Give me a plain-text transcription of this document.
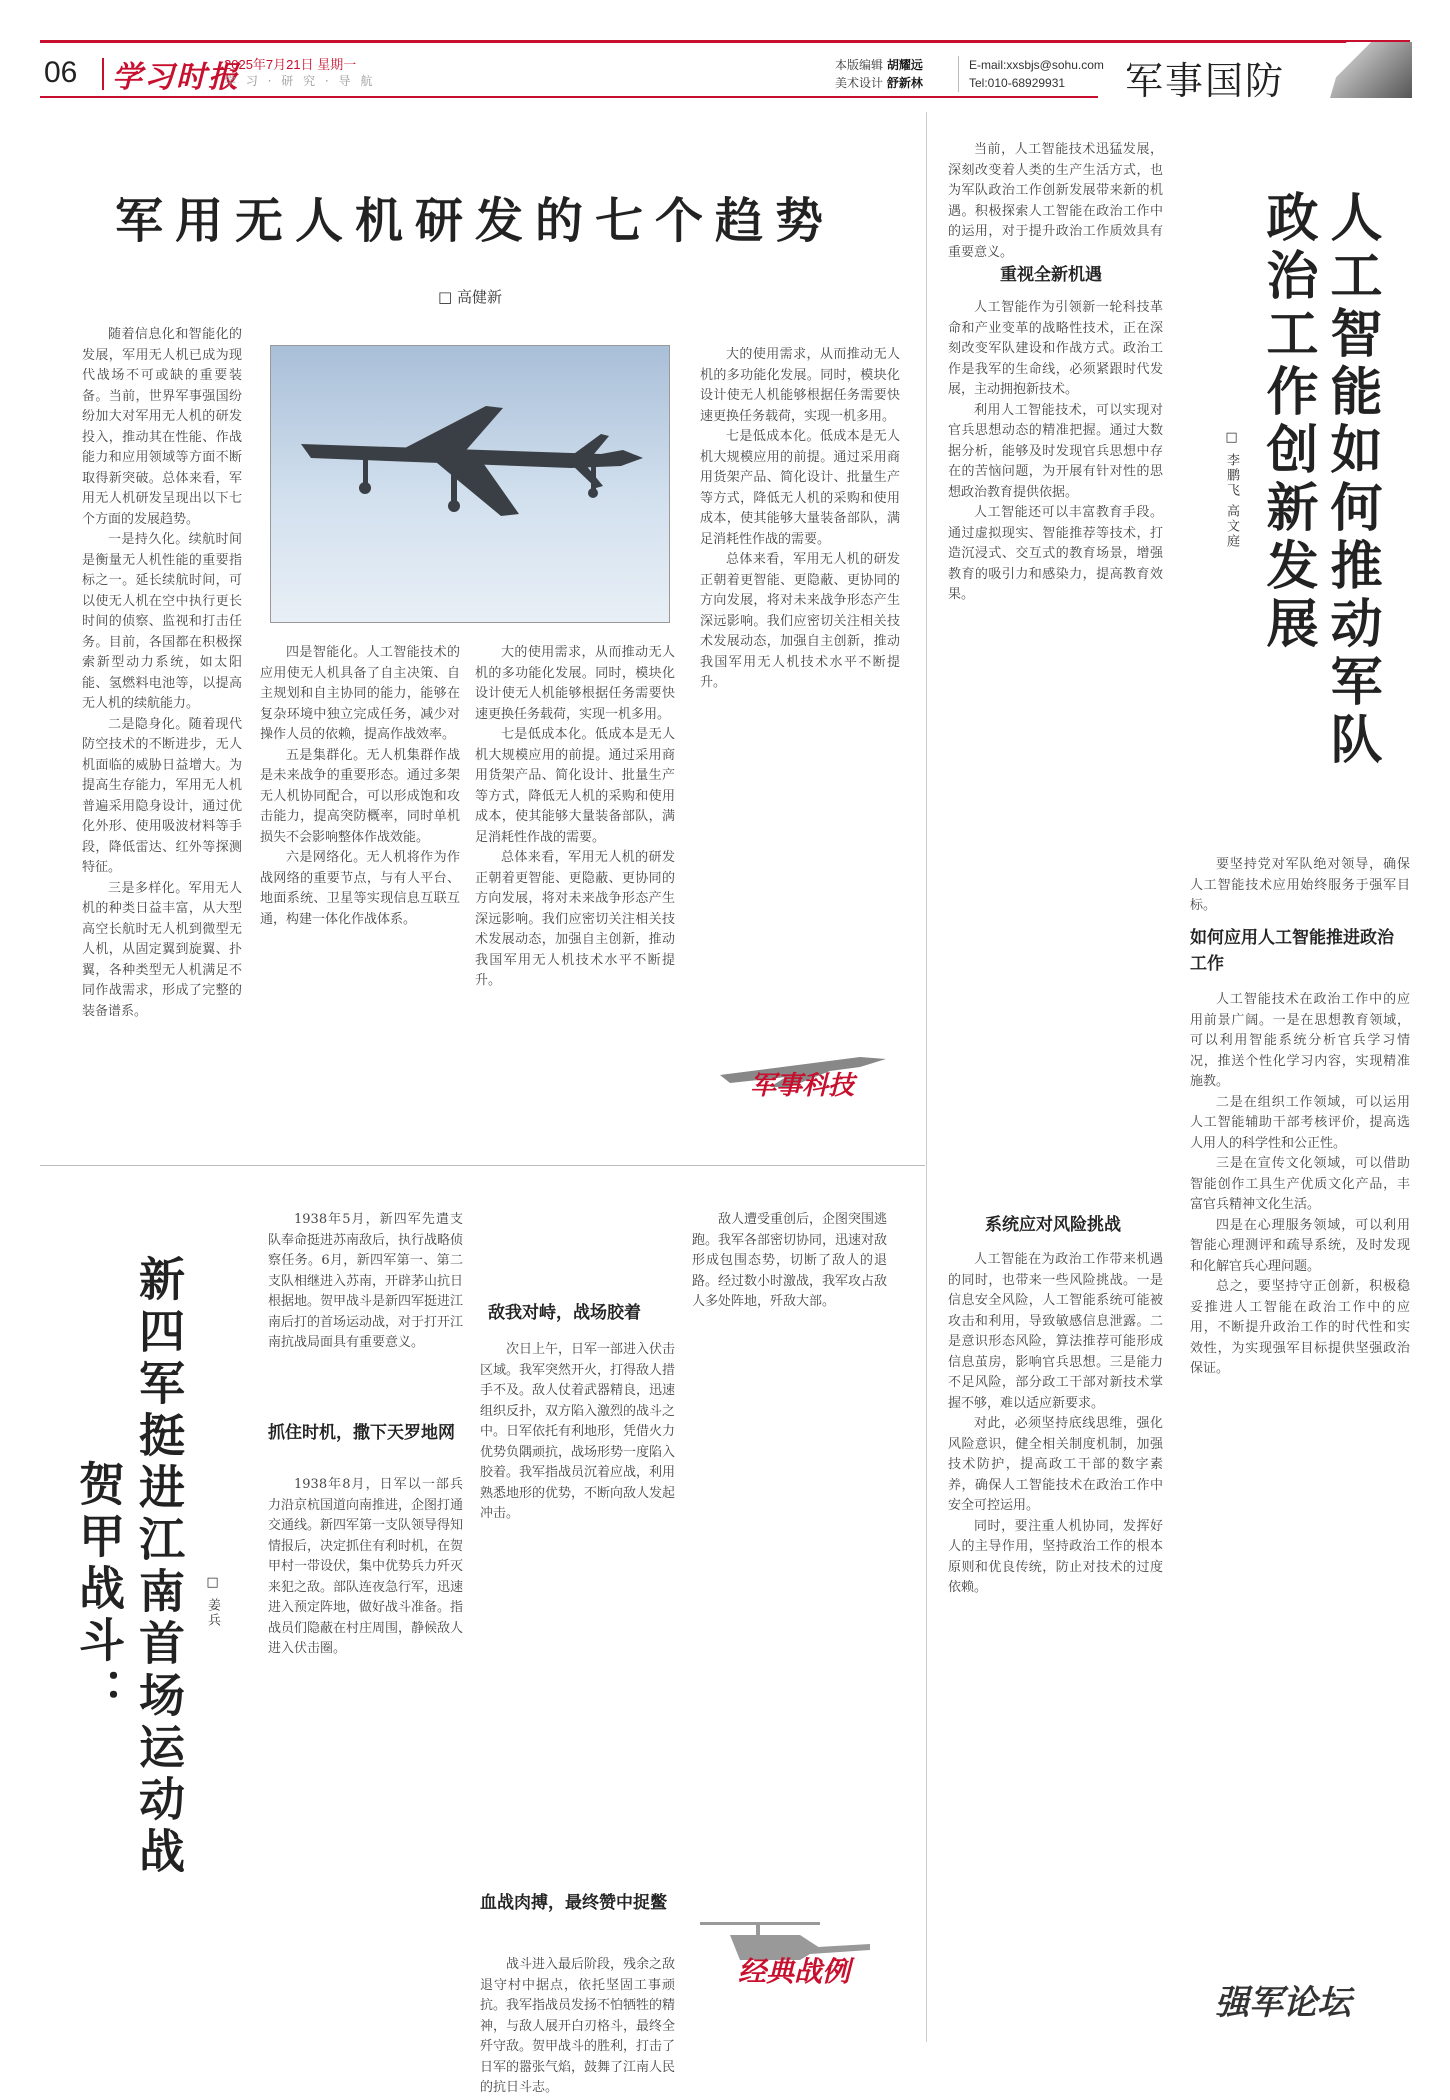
06 学习时报
2025年7月21日 星期一
学 习 · 研 究 · 导 航
本版编辑 胡耀远
美术设计 舒新林
E-mail:xxsbjs@sohu.com
Tel:010-68929931	军事国防
军用无人机研发的七个趋势
□ 高健新

随着信息化和智能化的发展，军用无人机已成为现代战场不可或缺的重要装备。当前，世界军事强国纷纷加大对军用无人机的研发投入，推动其在性能、作战能力和应用领域等方面不断取得新突破。总体来看，军用无人机研发呈现出以下七个方面的发展趋势。

一是持久化。续航时间是衡量无人机性能的重要指标之一。延长续航时间，可以使无人机在空中执行更长时间的侦察、监视和打击任务。目前，各国都在积极探索新型动力系统，如太阳能、氢燃料电池等，以提高无人机的续航能力。

二是隐身化。随着现代防空技术的不断进步，无人机面临的威胁日益增大。为提高生存能力，军用无人机普遍采用隐身设计，通过优化外形、使用吸波材料等手段，降低雷达、红外等探测特征。

三是多样化。军用无人机的种类日益丰富，从大型高空长航时无人机到微型无人机，从固定翼到旋翼、扑翼，各种类型无人机满足不同作战需求，形成了完整的装备谱系。

四是智能化。人工智能技术的应用使无人机具备了自主决策、自主规划和自主协同的能力，能够在复杂环境中独立完成任务，减少对操作人员的依赖，提高作战效率。

五是集群化。无人机集群作战是未来战争的重要形态。通过多架无人机协同配合，可以形成饱和攻击能力，提高突防概率，同时单机损失不会影响整体作战效能。

六是网络化。无人机将作为作战网络的重要节点，与有人平台、地面系统、卫星等实现信息互联互通，构建一体化作战体系。

大的使用需求，从而推动无人机的多功能化发展。同时，模块化设计使无人机能够根据任务需要快速更换任务载荷，实现一机多用。

七是低成本化。低成本是无人机大规模应用的前提。通过采用商用货架产品、简化设计、批量生产等方式，降低无人机的采购和使用成本，使其能够大量装备部队，满足消耗性作战的需要。

总体来看，军用无人机的研发正朝着更智能、更隐蔽、更协同的方向发展，将对未来战争形态产生深远影响。我们应密切关注相关技术发展动态，加强自主创新，推动我国军用无人机技术水平不断提升。

大的使用需求，从而推动无人机的多功能化发展。同时，模块化设计使无人机能够根据任务需要快速更换任务载荷，实现一机多用。

七是低成本化。低成本是无人机大规模应用的前提。通过采用商用货架产品、简化设计、批量生产等方式，降低无人机的采购和使用成本，使其能够大量装备部队，满足消耗性作战的需要。

总体来看，军用无人机的研发正朝着更智能、更隐蔽、更协同的方向发展，将对未来战争形态产生深远影响。我们应密切关注相关技术发展动态，加强自主创新，推动我国军用无人机技术水平不断提升。

军事科技

当前，人工智能技术迅猛发展，深刻改变着人类的生产生活方式，也为军队政治工作创新发展带来新的机遇。积极探索人工智能在政治工作中的运用，对于提升政治工作质效具有重要意义。

重视全新机遇

人工智能作为引领新一轮科技革命和产业变革的战略性技术，正在深刻改变军队建设和作战方式。政治工作是我军的生命线，必须紧跟时代发展，主动拥抱新技术。

利用人工智能技术，可以实现对官兵思想动态的精准把握。通过大数据分析，能够及时发现官兵思想中存在的苦恼问题，为开展有针对性的思想政治教育提供依据。

人工智能还可以丰富教育手段。通过虚拟现实、智能推荐等技术，打造沉浸式、交互式的教育场景，增强教育的吸引力和感染力，提高教育效果。	人工智能如何推动军队政治工作创新发展
□ 李鹏飞 高文庭

要坚持党对军队绝对领导，确保人工智能技术应用始终服务于强军目标。

如何应用人工智能推进政治工作

人工智能技术在政治工作中的应用前景广阔。一是在思想教育领域，可以利用智能系统分析官兵学习情况，推送个性化学习内容，实现精准施教。

二是在组织工作领域，可以运用人工智能辅助干部考核评价，提高选人用人的科学性和公正性。

三是在宣传文化领域，可以借助智能创作工具生产优质文化产品，丰富官兵精神文化生活。

四是在心理服务领域，可以利用智能心理测评和疏导系统，及时发现和化解官兵心理问题。

总之，要坚持守正创新，积极稳妥推进人工智能在政治工作中的应用，不断提升政治工作的时代性和实效性，为实现强军目标提供坚强政治保证。

系统应对风险挑战

人工智能在为政治工作带来机遇的同时，也带来一些风险挑战。一是信息安全风险，人工智能系统可能被攻击和利用，导致敏感信息泄露。二是意识形态风险，算法推荐可能形成信息茧房，影响官兵思想。三是能力不足风险，部分政工干部对新技术掌握不够，难以适应新要求。

对此，必须坚持底线思维，强化风险意识，健全相关制度机制，加强技术防护，提高政工干部的数字素养，确保人工智能技术在政治工作中安全可控运用。

同时，要注重人机协同，发挥好人的主导作用，坚持政治工作的根本原则和优良传统，防止对技术的过度依赖。

强军论坛
新四军挺进江南首场运动战
贺甲战斗：	□ 姜兵

1938年5月，新四军先遣支队奉命挺进苏南敌后，执行战略侦察任务。6月，新四军第一、第二支队相继进入苏南，开辟茅山抗日根据地。贺甲战斗是新四军挺进江南后打的首场运动战，对于打开江南抗战局面具有重要意义。

抓住时机，撒下天罗地网

1938年8月，日军以一部兵力沿京杭国道向南推进，企图打通交通线。新四军第一支队领导得知情报后，决定抓住有利时机，在贺甲村一带设伏，集中优势兵力歼灭来犯之敌。部队连夜急行军，迅速进入预定阵地，做好战斗准备。指战员们隐蔽在村庄周围，静候敌人进入伏击圈。

敌我对峙，战场胶着

次日上午，日军一部进入伏击区域。我军突然开火，打得敌人措手不及。敌人仗着武器精良，迅速组织反扑，双方陷入激烈的战斗之中。日军依托有利地形，凭借火力优势负隅顽抗，战场形势一度陷入胶着。我军指战员沉着应战，利用熟悉地形的优势，不断向敌人发起冲击。

敌人遭受重创后，企图突围逃跑。我军各部密切协同，迅速对敌形成包围态势，切断了敌人的退路。经过数小时激战，我军攻占敌人多处阵地，歼敌大部。

血战肉搏，最终赞中捉鳖

战斗进入最后阶段，残余之敌退守村中据点，依托坚固工事顽抗。我军指战员发扬不怕牺牲的精神，与敌人展开白刃格斗，最终全歼守敌。贺甲战斗的胜利，打击了日军的嚣张气焰，鼓舞了江南人民的抗日斗志。

经典战例
